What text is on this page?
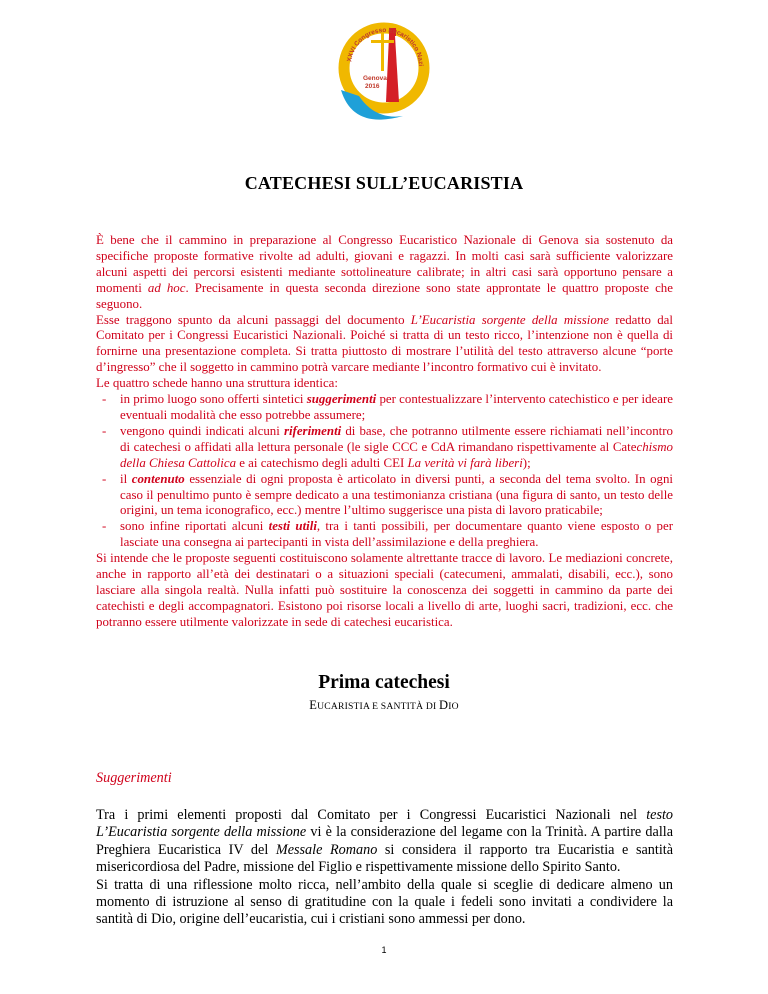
XXVI Congresso Eucaristico Nazi
Genova
2016
CATECHESI SULL’EUCARISTIA

È bene che il cammino in preparazione al Congresso Eucaristico Nazionale di Genova sia sostenuto da specifiche proposte formative rivolte ad adulti, giovani e ragazzi. In molti casi sarà sufficiente valorizzare alcuni aspetti dei percorsi esistenti mediante sottolineature calibrate; in altri casi sarà opportuno pensare a momenti ad hoc. Precisamente in questa seconda direzione sono state approntate le quattro proposte che seguono.

Esse traggono spunto da alcuni passaggi del documento L’Eucaristia sorgente della missione redatto dal Comitato per i Congressi Eucaristici Nazionali. Poiché si tratta di un testo ricco, l’intenzione non è quella di fornirne una presentazione completa. Si tratta piuttosto di mostrare l’utilità del testo attraverso alcune “porte d’ingresso” che il soggetto in cammino potrà varcare mediante l’incontro formativo cui è invitato.

Le quattro schede hanno una struttura identica:

- in primo luogo sono offerti sintetici suggerimenti per contestualizzare l’intervento catechistico e per ideare eventuali modalità che esso potrebbe assumere;
- vengono quindi indicati alcuni riferimenti di base, che potranno utilmente essere richiamati nell’incontro di catechesi o affidati alla lettura personale (le sigle CCC e CdA rimandano rispettivamente al Catechismo della Chiesa Cattolica e ai catechismo degli adulti CEI La verità vi farà liberi);
- il contenuto essenziale di ogni proposta è articolato in diversi punti, a seconda del tema svolto. In ogni caso il penultimo punto è sempre dedicato a una testimonianza cristiana (una figura di santo, un testo delle origini, un tema iconografico, ecc.) mentre l’ultimo suggerisce una pista di lavoro praticabile;
- sono infine riportati alcuni testi utili, tra i tanti possibili, per documentare quanto viene esposto o per lasciate una consegna ai partecipanti in vista dell’assimilazione e della preghiera.

Si intende che le proposte seguenti costituiscono solamente altrettante tracce di lavoro. Le mediazioni concrete, anche in rapporto all’età dei destinatari o a situazioni speciali (catecumeni, ammalati, disabili, ecc.), sono lasciare alla singola realtà. Nulla infatti può sostituire la conoscenza dei soggetti in cammino da parte dei catechisti e degli accompagnatori. Esistono poi risorse locali a livello di arte, luoghi sacri, tradizioni, ecc. che potranno essere utilmente valorizzate in sede di catechesi eucaristica.

Prima catechesi
EUCARISTIA E SANTITÀ DI DIO
Suggerimenti

Tra i primi elementi proposti dal Comitato per i Congressi Eucaristici Nazionali nel testo L’Eucaristia sorgente della missione vi è la considerazione del legame con la Trinità. A partire dalla Preghiera Eucaristica IV del Messale Romano si considera il rapporto tra Eucaristia e santità misericordiosa del Padre, missione del Figlio e rispettivamente missione dello Spirito Santo.

Si tratta di una riflessione molto ricca, nell’ambito della quale si sceglie di dedicare almeno un momento di istruzione al senso di gratitudine con la quale i fedeli sono invitati a condividere la santità di Dio, origine dell’eucaristia, cui i cristiani sono ammessi per dono.

1
